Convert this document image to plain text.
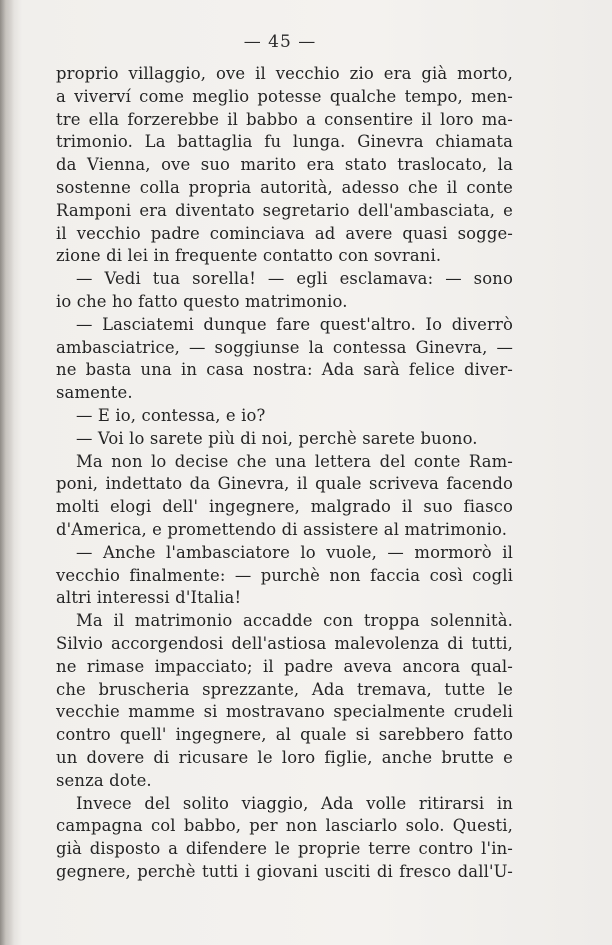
— 45 —
proprio villaggio, ove il vecchio zio era già morto,
a viverví come meglio potesse qualche tempo, men-
tre ella forzerebbe il babbo a consentire il loro ma-
trimonio. La battaglia fu lunga. Ginevra chiamata
da Vienna, ove suo marito era stato traslocato, la
sostenne colla propria autorità, adesso che il conte
Ramponi era diventato segretario dell'ambasciata, e
il vecchio padre cominciava ad avere quasi sogge-
zione di lei in frequente contatto con sovrani.
— Vedi tua sorella! — egli esclamava: — sono
io che ho fatto questo matrimonio.
— Lasciatemi dunque fare quest'altro. Io diverrò
ambasciatrice, — soggiunse la contessa Ginevra, —
ne basta una in casa nostra: Ada sarà felice diver-
samente.
— E io, contessa, e io?
— Voi lo sarete più di noi, perchè sarete buono.
Ma non lo decise che una lettera del conte Ram-
poni, indettato da Ginevra, il quale scriveva facendo
molti elogi dell' ingegnere, malgrado il suo fiasco
d'America, e promettendo di assistere al matrimonio.
— Anche l'ambasciatore lo vuole, — mormorò il
vecchio finalmente: — purchè non faccia così cogli
altri interessi d'Italia!
Ma il matrimonio accadde con troppa solennità.
Silvio accorgendosi dell'astiosa malevolenza di tutti,
ne rimase impacciato; il padre aveva ancora qual-
che bruscheria sprezzante, Ada tremava, tutte le
vecchie mamme si mostravano specialmente crudeli
contro quell' ingegnere, al quale si sarebbero fatto
un dovere di ricusare le loro figlie, anche brutte e
senza dote.
Invece del solito viaggio, Ada volle ritirarsi in
campagna col babbo, per non lasciarlo solo. Questi,
già disposto a difendere le proprie terre contro l'in-
gegnere, perchè tutti i giovani usciti di fresco dall'U-
